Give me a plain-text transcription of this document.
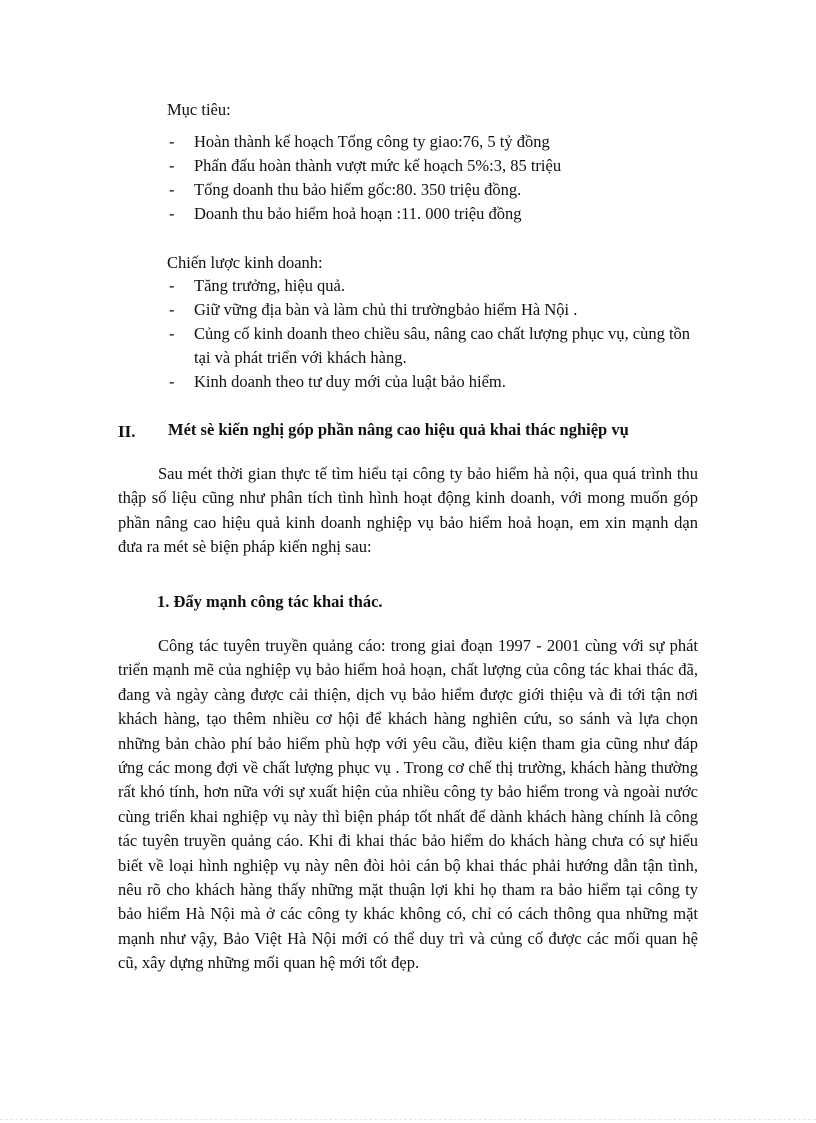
Mục tiêu:
- Hoàn thành kế hoạch Tổng công ty giao:76, 5 tỷ đồng
- Phấn đấu hoàn thành vượt mức kế hoạch 5%:3, 85 triệu
- Tổng doanh thu bảo hiểm gốc:80. 350 triệu đồng.
- Doanh thu bảo hiểm hoả hoạn :11. 000 triệu đồng
Chiến lược kinh doanh:
- Tăng trưởng, hiệu quả.
- Giữ vững địa bàn và làm chủ thi trườngbảo hiểm Hà Nội .
- Củng cố kinh doanh theo chiều sâu, nâng cao chất lượng phục vụ, cùng tồn tại và phát triển với khách hàng.
- Kinh doanh theo tư duy mới của luật bảo hiểm.
II. Mét sè kiến nghị góp phần nâng cao hiệu quả khai thác nghiệp vụ

Sau mét thời gian thực tế tìm hiểu tại công ty bảo hiểm hà nội, qua quá trình thu thập số liệu cũng như phân tích tình hình hoạt động kinh doanh, với mong muốn góp phần nâng cao hiệu quả kinh doanh nghiệp vụ bảo hiểm hoả hoạn, em xin mạnh dạn đưa ra mét sè biện pháp kiến nghị sau:

1. Đẩy mạnh công tác khai thác.

Công tác tuyên truyền quảng cáo: trong giai đoạn 1997 - 2001 cùng với sự phát triển mạnh mẽ của nghiệp vụ bảo hiểm hoả hoạn, chất lượng của công tác khai thác đã, đang và ngày càng được cải thiện, dịch vụ bảo hiểm được giới thiệu và đi tới tận nơi khách hàng, tạo thêm nhiều cơ hội để khách hàng nghiên cứu, so sánh và lựa chọn những bản chào phí bảo hiểm phù hợp với yêu cầu, điều kiện tham gia cũng như đáp ứng các mong đợi về chất lượng phục vụ . Trong cơ chế thị trường, khách hàng thường rất khó tính, hơn nữa với sự xuất hiện của nhiều công ty bảo hiểm trong và ngoài nước cùng triển khai nghiệp vụ này thì biện pháp tốt nhất để dành khách hàng chính là công tác tuyên truyền quảng cáo. Khi đi khai thác bảo hiểm do khách hàng chưa có sự hiểu biết về loại hình nghiệp vụ này nên đòi hỏi cán bộ khai thác phải hướng dẫn tận tình, nêu rõ cho khách hàng thấy những mặt thuận lợi khi họ tham ra bảo hiểm tại công ty bảo hiểm Hà Nội mà ở các công ty khác không có, chỉ có cách thông qua những mặt mạnh như vậy, Bảo Việt Hà Nội mới có thể duy trì và củng cố được các mối quan hệ cũ, xây dựng những mối quan hệ mới tốt đẹp.
